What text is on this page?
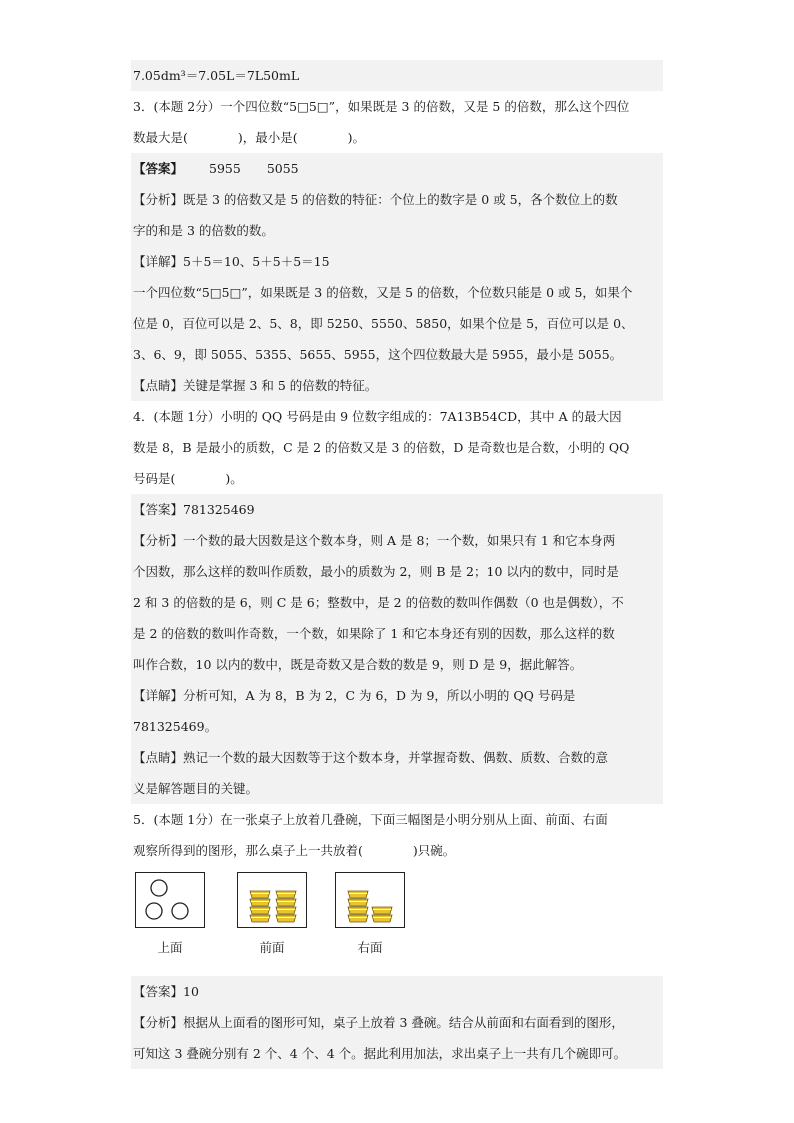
7.05dm³＝7.05L＝7L50mL
3．(本题 2分）一个四位数“5□5□”，如果既是 3 的倍数，又是 5 的倍数，那么这个四位
数最大是(　　　　)，最小是(　　　　)。
【答案】 5955 5055
【分析】既是 3 的倍数又是 5 的倍数的特征：个位上的数字是 0 或 5，各个数位上的数
字的和是 3 的倍数的数。
【详解】5＋5＝10、5＋5＋5＝15
一个四位数“5□5□”，如果既是 3 的倍数，又是 5 的倍数，个位数只能是 0 或 5，如果个
位是 0，百位可以是 2、5、8，即 5250、5550、5850，如果个位是 5，百位可以是 0、
3、6、9，即 5055、5355、5655、5955，这个四位数最大是 5955，最小是 5055。
【点睛】关键是掌握 3 和 5 的倍数的特征。
4．(本题 1分）小明的 QQ 号码是由 9 位数字组成的：7A13B54CD，其中 A 的最大因
数是 8，B 是最小的质数，C 是 2 的倍数又是 3 的倍数，D 是奇数也是合数，小明的 QQ
号码是(　　　　)。
【答案】781325469
【分析】一个数的最大因数是这个数本身，则 A 是 8；一个数，如果只有 1 和它本身两
个因数，那么这样的数叫作质数，最小的质数为 2，则 B 是 2；10 以内的数中，同时是
2 和 3 的倍数的是 6，则 C 是 6；整数中，是 2 的倍数的数叫作偶数（0 也是偶数），不
是 2 的倍数的数叫作奇数，一个数，如果除了 1 和它本身还有别的因数，那么这样的数
叫作合数，10 以内的数中，既是奇数又是合数的数是 9，则 D 是 9，据此解答。
【详解】分析可知，A 为 8，B 为 2，C 为 6，D 为 9，所以小明的 QQ 号码是
781325469。
【点睛】熟记一个数的最大因数等于这个数本身，并掌握奇数、偶数、质数、合数的意
义是解答题目的关键。
5．(本题 1分）在一张桌子上放着几叠碗，下面三幅图是小明分别从上面、前面、右面
观察所得到的图形，那么桌子上一共放着(　　　　)只碗。
上面	前面	右面
【答案】10
【分析】根据从上面看的图形可知，桌子上放着 3 叠碗。结合从前面和右面看到的图形，
可知这 3 叠碗分别有 2 个、4 个、4 个。据此利用加法，求出桌子上一共有几个碗即可。
